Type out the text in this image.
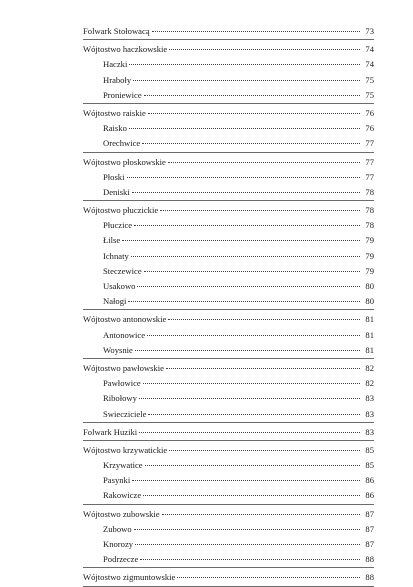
Folwark Stołowacą	73
Wójtostwo haczkowskie	74
Haczki	74
Hraboły	75
Proniewice	75
Wójtostwo raiskie	76
Raisko	76
Orechwice	77
Wójtostwo płoskowskie	77
Płoski	77
Deniski	78
Wójtostwo płuczickie	78
Płuczice	78
Łilse	79
Ichnaty	79
Steczewice	79
Usakowo	80
Nałogi	80
Wójtostwo antonowskie	81
Antonowice	81
Woysnie	81
Wójtostwo pawłowskie	82
Pawłowice	82
Ribołowy	83
Swiecziciele	83
Folwark Huziki	83
Wójtostwo krzywatickie	85
Krzywatice	85
Pasynki	86
Rakowicze	86
Wójtostwo zubowskie	87
Zubowo	87
Knorozy	87
Podrzecze	88
Wójtostwo zigmuntowskie	88
